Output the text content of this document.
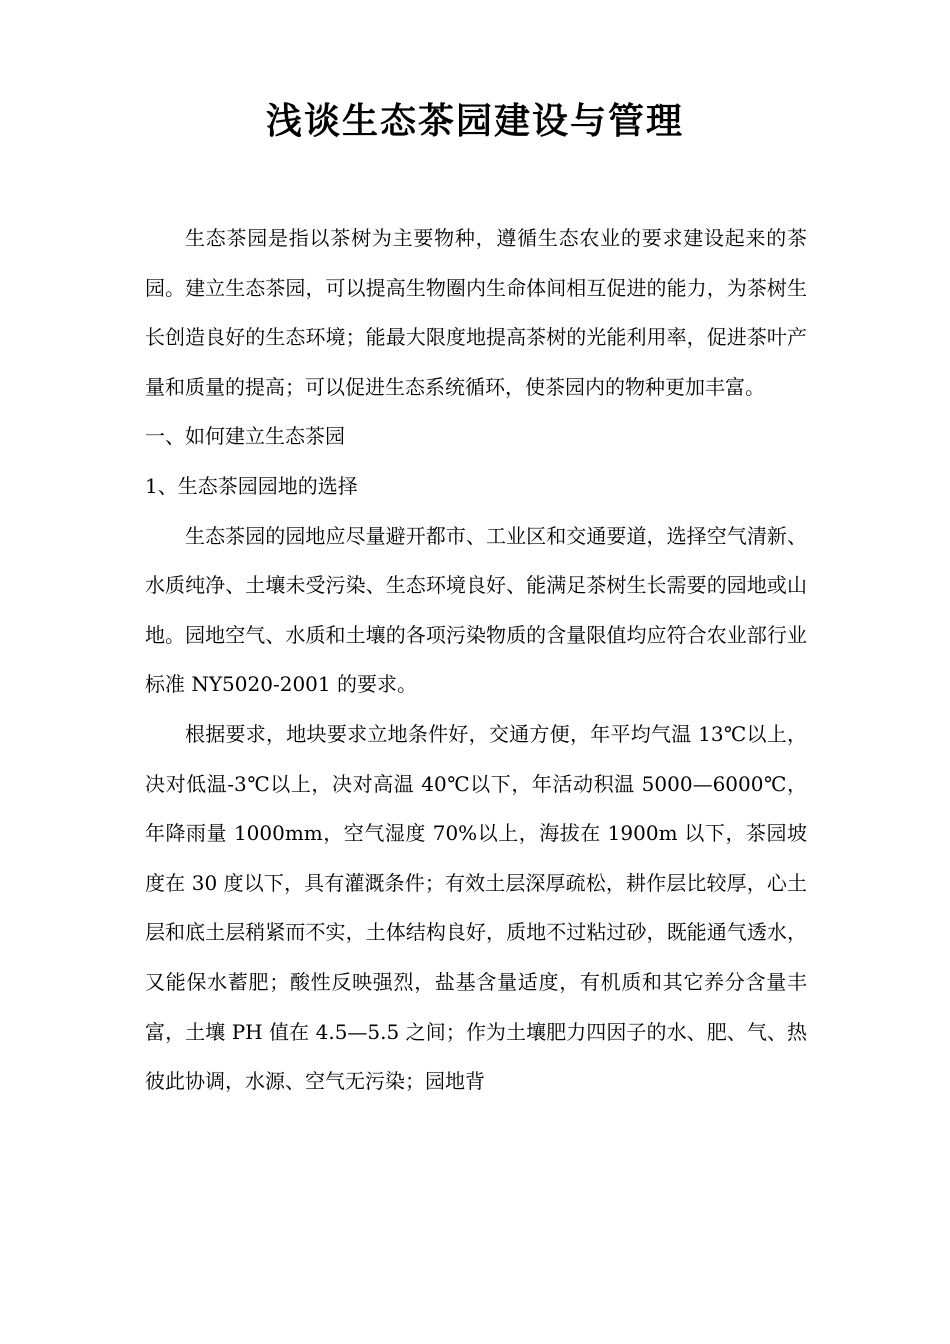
浅谈生态茶园建设与管理

生态茶园是指以茶树为主要物种，遵循生态农业的要求建设起来的茶园。建立生态茶园，可以提高生物圈内生命体间相互促进的能力，为茶树生长创造良好的生态环境；能最大限度地提高茶树的光能利用率，促进茶叶产量和质量的提高；可以促进生态系统循环，使茶园内的物种更加丰富。

一、如何建立生态茶园

1、生态茶园园地的选择

生态茶园的园地应尽量避开都市、工业区和交通要道，选择空气清新、水质纯净、土壤未受污染、生态环境良好、能满足茶树生长需要的园地或山地。园地空气、水质和土壤的各项污染物质的含量限值均应符合农业部行业标准 NY5020-2001 的要求。

根据要求，地块要求立地条件好，交通方便，年平均气温 13℃以上，决对低温-3℃以上，决对高温 40℃以下，年活动积温 5000—6000℃，年降雨量 1000mm，空气湿度 70%以上，海拔在 1900m 以下，茶园坡度在 30 度以下，具有灌溉条件；有效土层深厚疏松，耕作层比较厚，心土层和底土层稍紧而不实，土体结构良好，质地不过粘过砂，既能通气透水，又能保水蓄肥；酸性反映强烈，盐基含量适度，有机质和其它养分含量丰富，土壤 PH 值在 4.5—5.5 之间；作为土壤肥力四因子的水、肥、气、热彼此协调，水源、空气无污染；园地背
